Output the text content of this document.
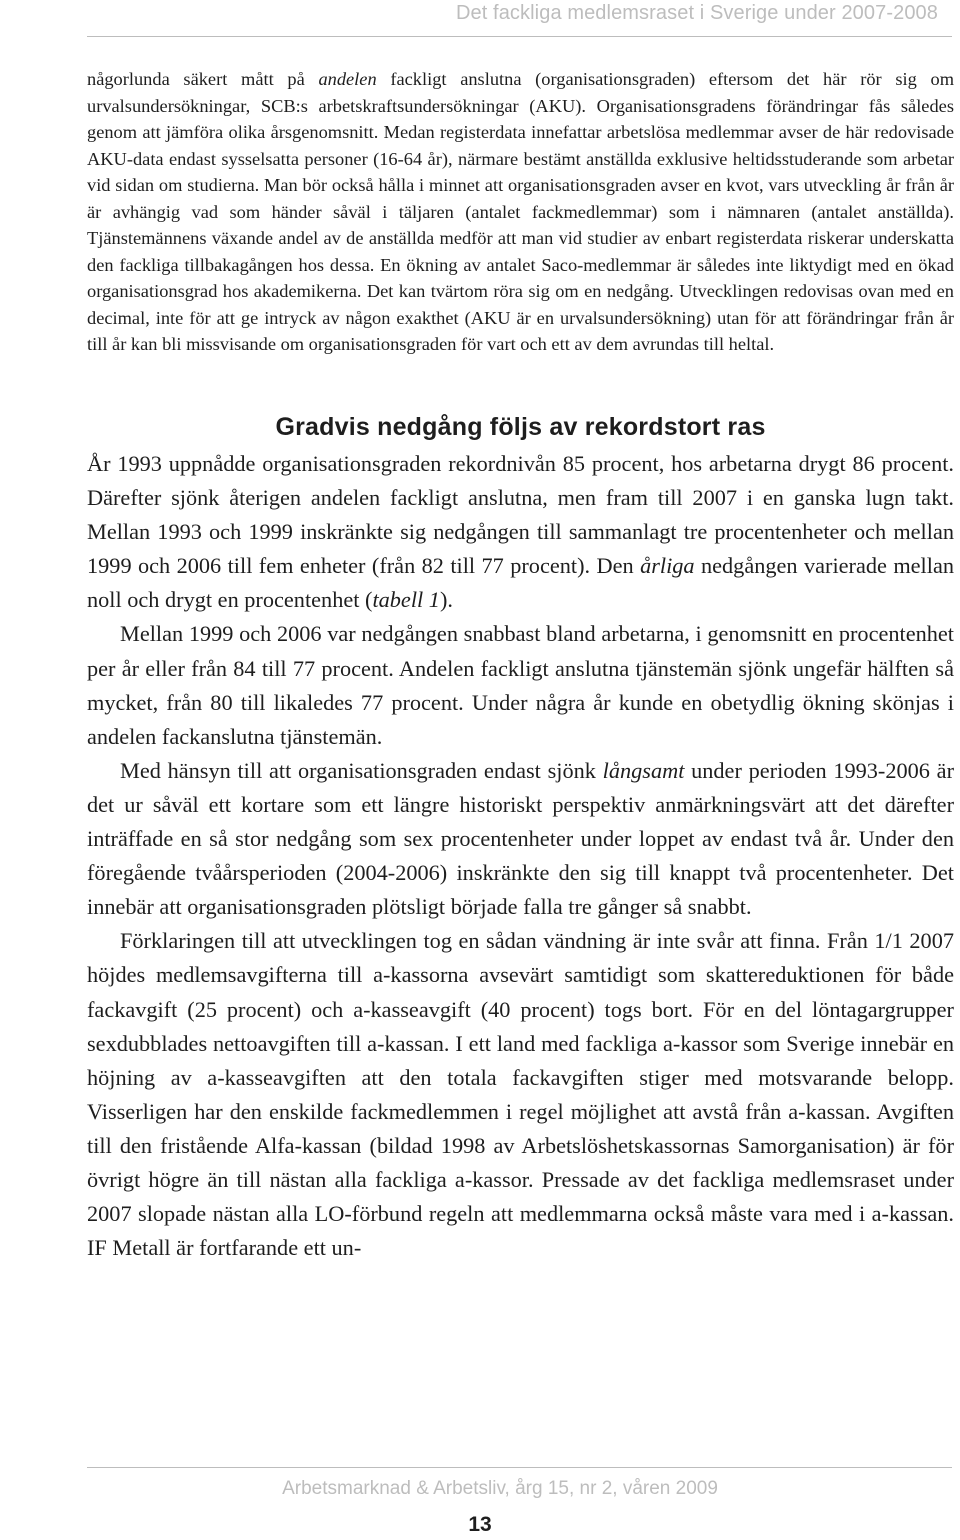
Det fackliga medlemsraset i Sverige under 2007-2008

någorlunda säkert mått på andelen fackligt anslutna (organisationsgraden) eftersom det här rör sig om urvalsundersökningar, SCB:s arbetskraftsundersökningar (AKU). Organisationsgradens förändringar fås således genom att jämföra olika årsgenomsnitt. Medan registerdata innefattar arbetslösa medlemmar avser de här redovisade AKU-data endast sysselsatta personer (16-64 år), närmare bestämt anställda exklusive heltidsstuderande som arbetar vid sidan om studierna. Man bör också hålla i minnet att organisationsgraden avser en kvot, vars utveckling år från år är avhängig vad som händer såväl i täljaren (antalet fackmedlemmar) som i nämnaren (antalet anställda). Tjänstemännens växande andel av de anställda medför att man vid studier av enbart registerdata riskerar underskatta den fackliga tillbakagången hos dessa. En ökning av antalet Saco-medlemmar är således inte liktydigt med en ökad organisationsgrad hos akademikerna. Det kan tvärtom röra sig om en nedgång. Utvecklingen redovisas ovan med en decimal, inte för att ge intryck av någon exakthet (AKU är en urvalsundersökning) utan för att förändringar från år till år kan bli missvisande om organisationsgraden för vart och ett av dem avrundas till heltal.

Gradvis nedgång följs av rekordstort ras

År 1993 uppnådde organisationsgraden rekordnivån 85 procent, hos arbetarna drygt 86 procent. Därefter sjönk återigen andelen fackligt anslutna, men fram till 2007 i en ganska lugn takt. Mellan 1993 och 1999 inskränkte sig nedgången till sammanlagt tre procentenheter och mellan 1999 och 2006 till fem enheter (från 82 till 77 procent). Den årliga nedgången varierade mellan noll och drygt en procentenhet (tabell 1).

Mellan 1999 och 2006 var nedgången snabbast bland arbetarna, i genomsnitt en procentenhet per år eller från 84 till 77 procent. Andelen fackligt anslutna tjänstemän sjönk ungefär hälften så mycket, från 80 till likaledes 77 procent. Under några år kunde en obetydlig ökning skönjas i andelen fackanslutna tjänstemän.

Med hänsyn till att organisationsgraden endast sjönk långsamt under perioden 1993-2006 är det ur såväl ett kortare som ett längre historiskt perspektiv anmärkningsvärt att det därefter inträffade en så stor nedgång som sex procentenheter under loppet av endast två år. Under den föregående tvåårsperioden (2004-2006) inskränkte den sig till knappt två procentenheter. Det innebär att organisationsgraden plötsligt började falla tre gånger så snabbt.

Förklaringen till att utvecklingen tog en sådan vändning är inte svår att finna. Från 1/1 2007 höjdes medlemsavgifterna till a-kassorna avsevärt samtidigt som skattereduktionen för både fackavgift (25 procent) och a-kasseavgift (40 procent) togs bort. För en del löntagargrupper sexdubblades nettoavgiften till a-kassan. I ett land med fackliga a-kassor som Sverige innebär en höjning av a-kasseavgiften att den totala fackavgiften stiger med motsvarande belopp. Visserligen har den enskilde fackmedlemmen i regel möjlighet att avstå från a-kassan. Avgiften till den fristående Alfa-kassan (bildad 1998 av Arbetslöshetskassornas Samorganisation) är för övrigt högre än till nästan alla fackliga a-kassor. Pressade av det fackliga medlemsraset under 2007 slopade nästan alla LO-förbund regeln att medlemmarna också måste vara med i a-kassan. IF Metall är fortfarande ett un-

Arbetsmarknad & Arbetsliv, årg 15, nr 2, våren 2009
13
